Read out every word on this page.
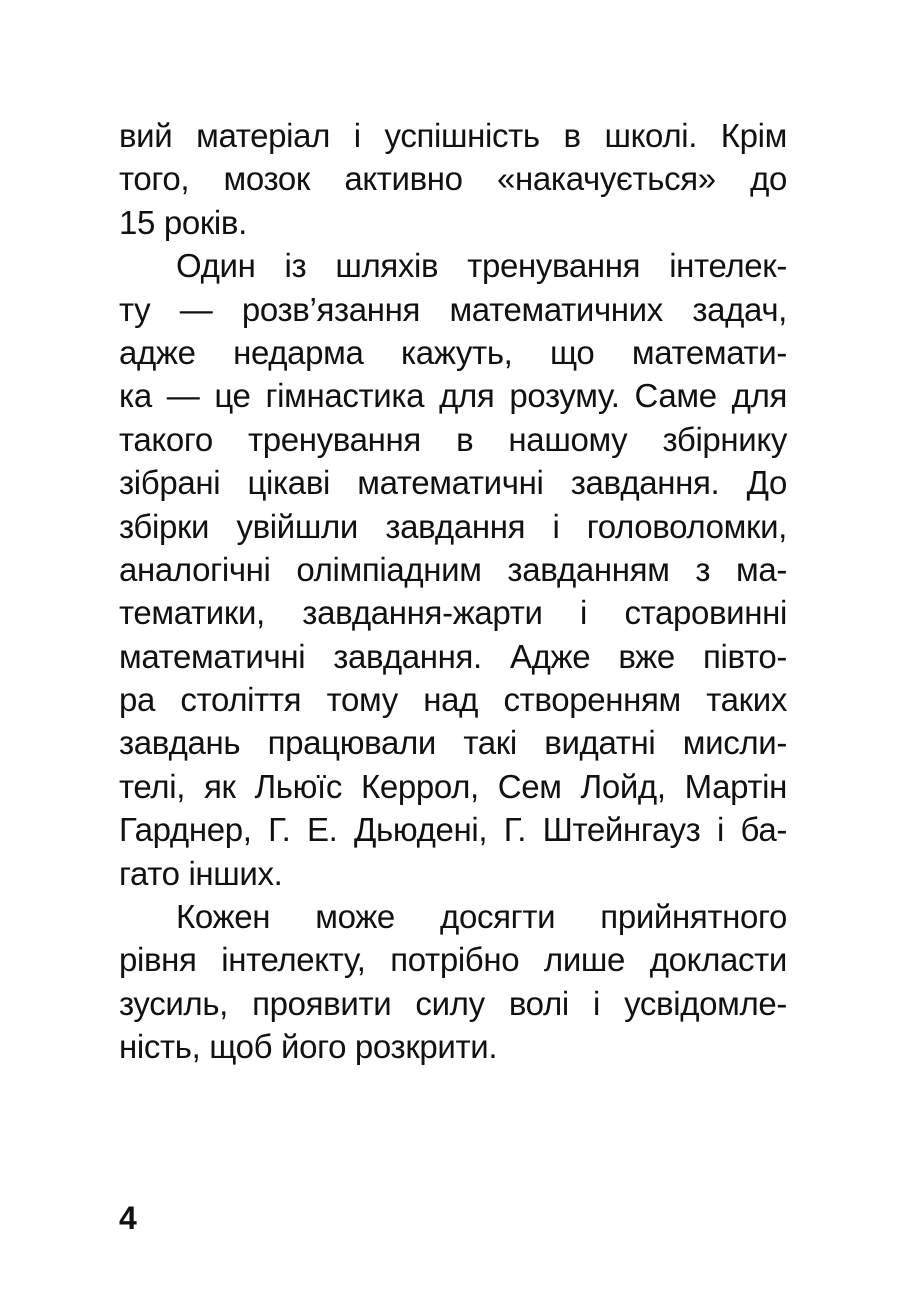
вий матеріал і успішність в школі. Крім
того, мозок активно «накачується» до
15 років.
Один із шляхів тренування інтелек-
ту — розв’язання математичних задач,
адже недарма кажуть, що математи-
ка — це гімнастика для розуму. Саме для
такого тренування в нашому збірнику
зібрані цікаві математичні завдання. До
збірки увійшли завдання і головоломки,
аналогічні олімпіадним завданням з ма-
тематики, завдання-жарти і старовинні
математичні завдання. Адже вже півто-
ра століття тому над створенням таких
завдань працювали такі видатні мисли-
телі, як Льюїс Керрол, Сем Лойд, Мартін
Гарднер, Г. Е. Дьюдені, Г. Штейнгауз і ба-
гато інших.
Кожен може досягти прийнятного
рівня інтелекту, потрібно лише докласти
зусиль, проявити силу волі і усвідомле-
ність, щоб його розкрити.
4
